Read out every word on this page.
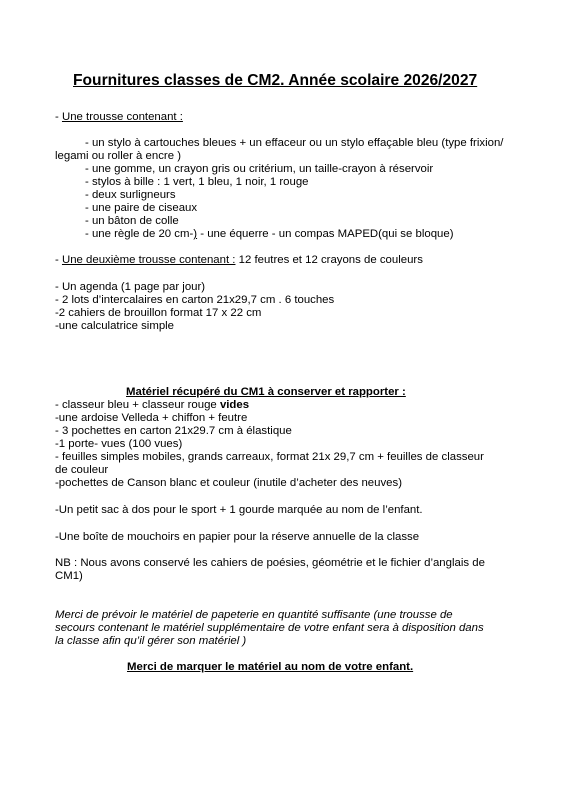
Fournitures classes de CM2. Année scolaire 2026/2027
- Une trousse contenant :
- un stylo à cartouches bleues + un effaceur ou un stylo effaçable bleu (type frixion/
legami ou roller à encre )
- une gomme, un crayon gris ou critérium, un taille-crayon à réservoir
- stylos à bille : 1 vert, 1 bleu, 1 noir, 1 rouge
- deux surligneurs
- une paire de ciseaux
- un bâton de colle
- une règle de 20 cm-) - une équerre - un compas MAPED(qui se bloque)
- Une deuxième trousse contenant : 12 feutres et 12 crayons de couleurs
- Un agenda (1 page par jour)
- 2 lots d’intercalaires en carton 21x29,7 cm . 6 touches
-2 cahiers de brouillon format 17 x 22 cm
-une calculatrice simple
Matériel récupéré du CM1 à conserver et rapporter :
- classeur bleu + classeur rouge vides
-une ardoise Velleda + chiffon + feutre
- 3 pochettes en carton 21x29.7 cm à élastique
-1 porte- vues (100 vues)
- feuilles simples mobiles, grands carreaux, format 21x 29,7 cm + feuilles de classeur
de couleur
-pochettes de Canson blanc et couleur (inutile d’acheter des neuves)
-Un petit sac à dos pour le sport + 1 gourde marquée au nom de l’enfant.
-Une boîte de mouchoirs en papier pour la réserve annuelle de la classe
NB : Nous avons conservé les cahiers de poésies, géométrie et le fichier d’anglais de
CM1)
Merci de prévoir le matériel de papeterie en quantité suffisante (une trousse de
secours contenant le matériel supplémentaire de votre enfant sera à disposition dans
la classe afin qu’il gérer son matériel )
Merci de marquer le matériel au nom de votre enfant.
